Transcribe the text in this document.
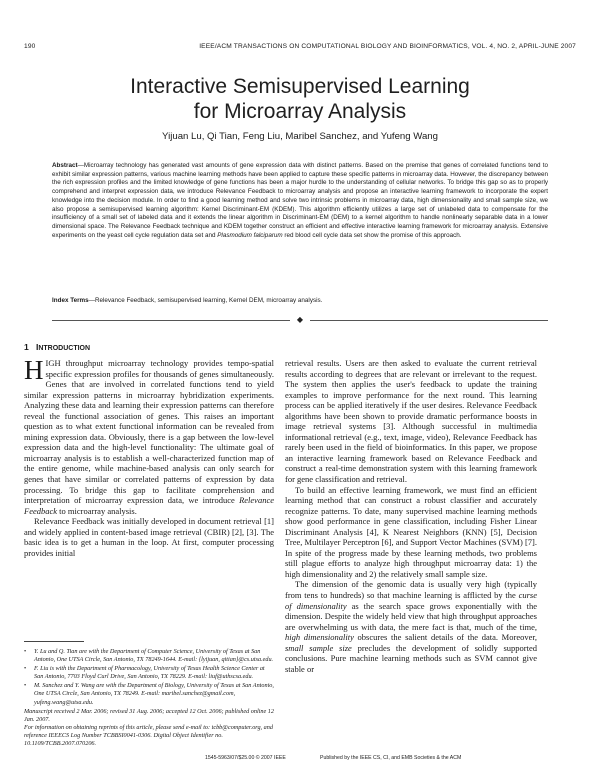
190	IEEE/ACM TRANSACTIONS ON COMPUTATIONAL BIOLOGY AND BIOINFORMATICS, VOL. 4, NO. 2, APRIL-JUNE 2007
Interactive Semisupervised Learning
for Microarray Analysis
Yijuan Lu, Qi Tian, Feng Liu, Maribel Sanchez, and Yufeng Wang
Abstract—Microarray technology has generated vast amounts of gene expression data with distinct patterns. Based on the premise that genes of correlated functions tend to exhibit similar expression patterns, various machine learning methods have been applied to capture these specific patterns in microarray data. However, the discrepancy between the rich expression profiles and the limited knowledge of gene functions has been a major hurdle to the understanding of cellular networks. To bridge this gap so as to properly comprehend and interpret expression data, we introduce Relevance Feedback to microarray analysis and propose an interactive learning framework to incorporate the expert knowledge into the decision module. In order to find a good learning method and solve two intrinsic problems in microarray data, high dimensionality and small sample size, we also propose a semisupervised learning algorithm: Kernel Discriminant-EM (KDEM). This algorithm efficiently utilizes a large set of unlabeled data to compensate for the insufficiency of a small set of labeled data and it extends the linear algorithm in Discriminant-EM (DEM) to a kernel algorithm to handle nonlinearly separable data in a lower dimensional space. The Relevance Feedback technique and KDEM together construct an efficient and effective interactive learning framework for microarray analysis. Extensive experiments on the yeast cell cycle regulation data set and Plasmodium falciparum red blood cell cycle data set show the promise of this approach.
Index Terms—Relevance Feedback, semisupervised learning, Kernel DEM, microarray analysis.
◆
1 INTRODUCTION

HIGH throughput microarray technology provides tempo-spatial specific expression profiles for thousands of genes simultaneously. Genes that are involved in correlated functions tend to yield similar expression patterns in microarray hybridization experiments. Analyzing these data and learning their expression patterns can therefore reveal the functional association of genes. This raises an important question as to what extent functional information can be revealed from mining expression data. Obviously, there is a gap between the low-level expression data and the high-level functionality: The ultimate goal of microarray analysis is to establish a well-characterized function map of the entire genome, while machine-based analysis can only search for genes that have similar or correlated patterns of expression by data processing. To bridge this gap to facilitate comprehension and interpretation of microarray expression data, we introduce Relevance Feedback to microarray analysis.

Relevance Feedback was initially developed in document retrieval [1] and widely applied in content-based image retrieval (CBIR) [2], [3]. The basic idea is to get a human in the loop. At first, computer processing provides initial

• Y. Lu and Q. Tian are with the Department of Computer Science, University of Texas at San Antonio, One UTSA Circle, San Antonio, TX 78249-1644. E-mail: {lyijuan, qitian}@cs.utsa.edu.
• F. Liu is with the Department of Pharmacology, University of Texas Health Science Center at San Antonio, 7703 Floyd Curl Drive, San Antonio, TX 78229. E-mail: liuf@uthscsa.edu.
• M. Sanchez and Y. Wang are with the Department of Biology, University of Texas at San Antonio, One UTSA Circle, San Antonio, TX 78249. E-mail: maribel.sanchez@gmail.com, yufeng.wang@utsa.edu.
Manuscript received 2 Mar. 2006; revised 31 Aug. 2006; accepted 12 Oct. 2006; published online 12 Jan. 2007.
For information on obtaining reprints of this article, please send e-mail to: tcbb@computer.org, and reference IEEECS Log Number TCBBSI0041-0306. Digital Object Identifier no. 10.1109/TCBB.2007.070206.

retrieval results. Users are then asked to evaluate the current retrieval results according to degrees that are relevant or irrelevant to the request. The system then applies the user's feedback to update the training examples to improve performance for the next round. This learning process can be applied iteratively if the user desires. Relevance Feedback algorithms have been shown to provide dramatic performance boosts in image retrieval systems [3]. Although successful in multimedia informational retrieval (e.g., text, image, video), Relevance Feedback has rarely been used in the field of bioinformatics. In this paper, we propose an interactive learning framework based on Relevance Feedback and construct a real-time demonstration system with this learning framework for gene classification and retrieval.

To build an effective learning framework, we must find an efficient learning method that can construct a robust classifier and accurately recognize patterns. To date, many supervised machine learning methods show good performance in gene classification, including Fisher Linear Discriminant Analysis [4], K Nearest Neighbors (KNN) [5], Decision Tree, Multilayer Perceptron [6], and Support Vector Machines (SVM) [7]. In spite of the progress made by these learning methods, two problems still plague efforts to analyze high throughput microarray data: 1) the high dimensionality and 2) the relatively small sample size.

The dimension of the genomic data is usually very high (typically from tens to hundreds) so that machine learning is afflicted by the curse of dimensionality as the search space grows exponentially with the dimension. Despite the widely held view that high throughput approaches are overwhelming us with data, the mere fact is that, much of the time, high dimensionality obscures the salient details of the data. Moreover, small sample size precludes the development of solidly supported conclusions. Pure machine learning methods such as SVM cannot give stable or

1545-5963/07/$25.00 © 2007 IEEE	Published by the IEEE CS, CI, and EMB Societies & the ACM
